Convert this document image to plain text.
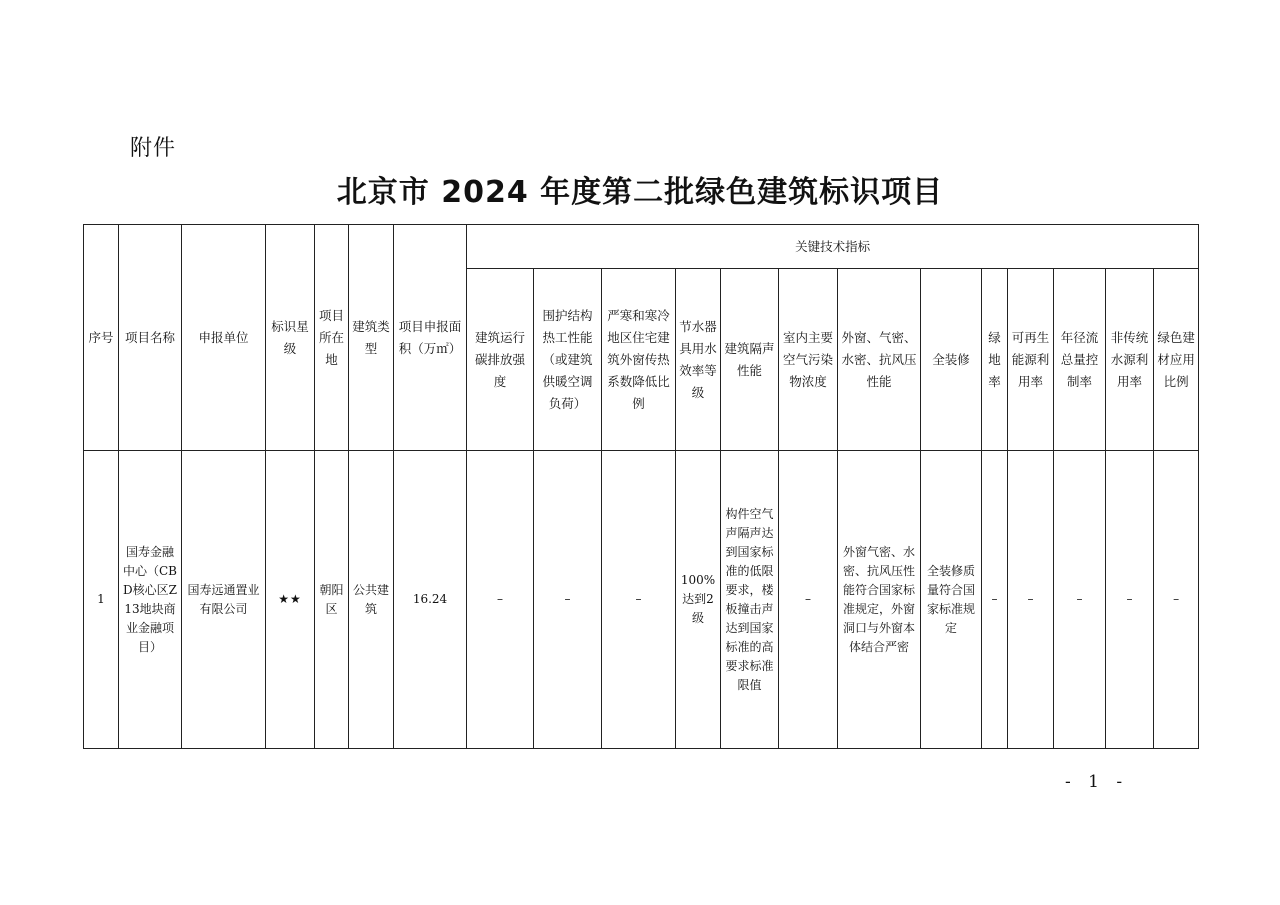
附件
北京市 2024 年度第二批绿色建筑标识项目
序号	项目名称	申报单位	标识星级	项目所在地	建筑类型	项目申报面积（万㎡）	关键技术指标												
							建筑运行碳排放强度	围护结构热工性能（或建筑供暖空调负荷）	严寒和寒冷地区住宅建筑外窗传热系数降低比例	节水器具用水效率等级	建筑隔声性能	室内主要空气污染物浓度	外窗、气密、水密、抗风压性能	全装修	绿地率	可再生能源利用率	年径流总量控制率	非传统水源利用率	绿色建材应用比例
1	国寿金融中心（CBD核心区Z13地块商业金融项目）	国寿远通置业有限公司	★★	朝阳区	公共建筑	16.24	–	–	–	100%达到2级	构件空气声隔声达到国家标准的低限要求，楼板撞击声达到国家标准的高要求标准限值	–	外窗气密、水密、抗风压性能符合国家标准规定，外窗洞口与外窗本体结合严密	全装修质量符合国家标准规定	–	–	–	–	–
- 1 -
